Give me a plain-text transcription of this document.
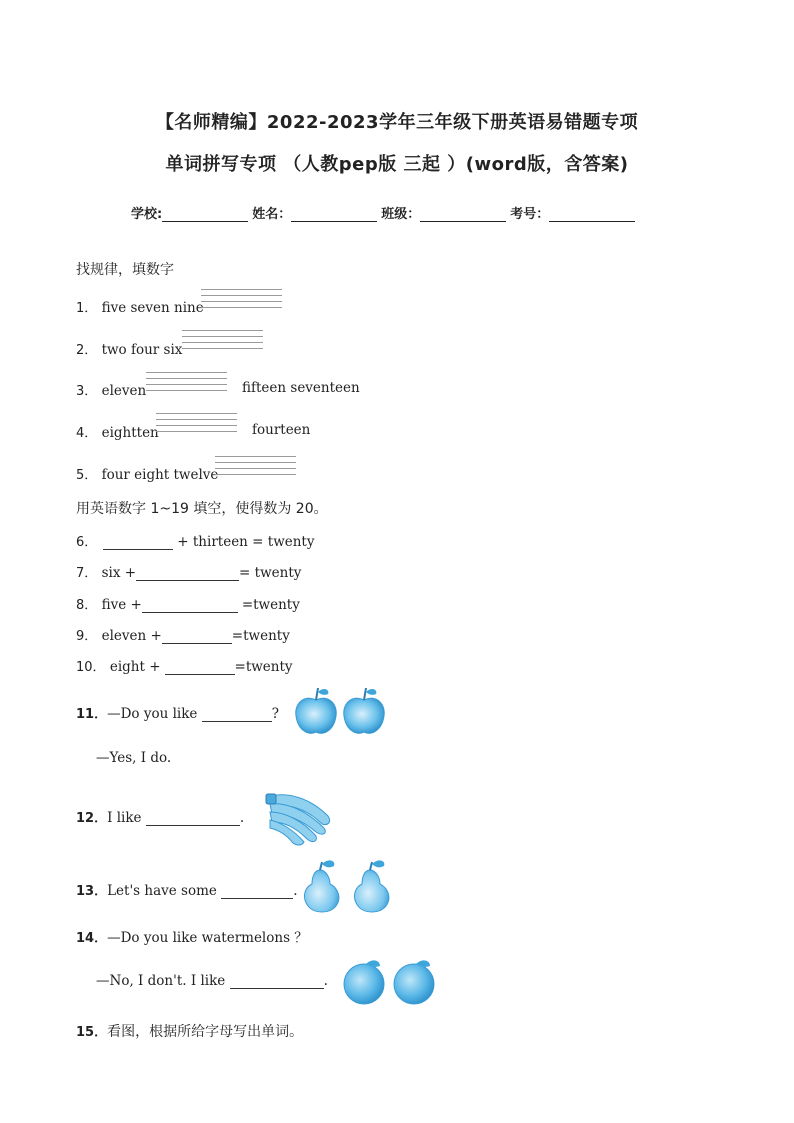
【名师精编】2022-2023学年三年级下册英语易错题专项
单词拼写专项 （人教pep版 三起 ）(word版，含答案)
学校:	姓名：	班级：	考号：
找规律，填数字
1． five seven nine
2． two four six
3． eleven	fifteen seventeen
4． eightten	fourteen
5． four eight twelve
用英语数字 1~19 填空，使得数为 20。
6．	+ thirteen = twenty
7． six +	= twenty
8． five +	=twenty
9． eleven +	=twenty
10． eight +	=twenty
11．—Do you like	?
—Yes, I do.
12．I like	.
13．Let's have some	.
14．—Do you like watermelons ？
—No, I don't. I like	.
15．看图，根据所给字母写出单词。
